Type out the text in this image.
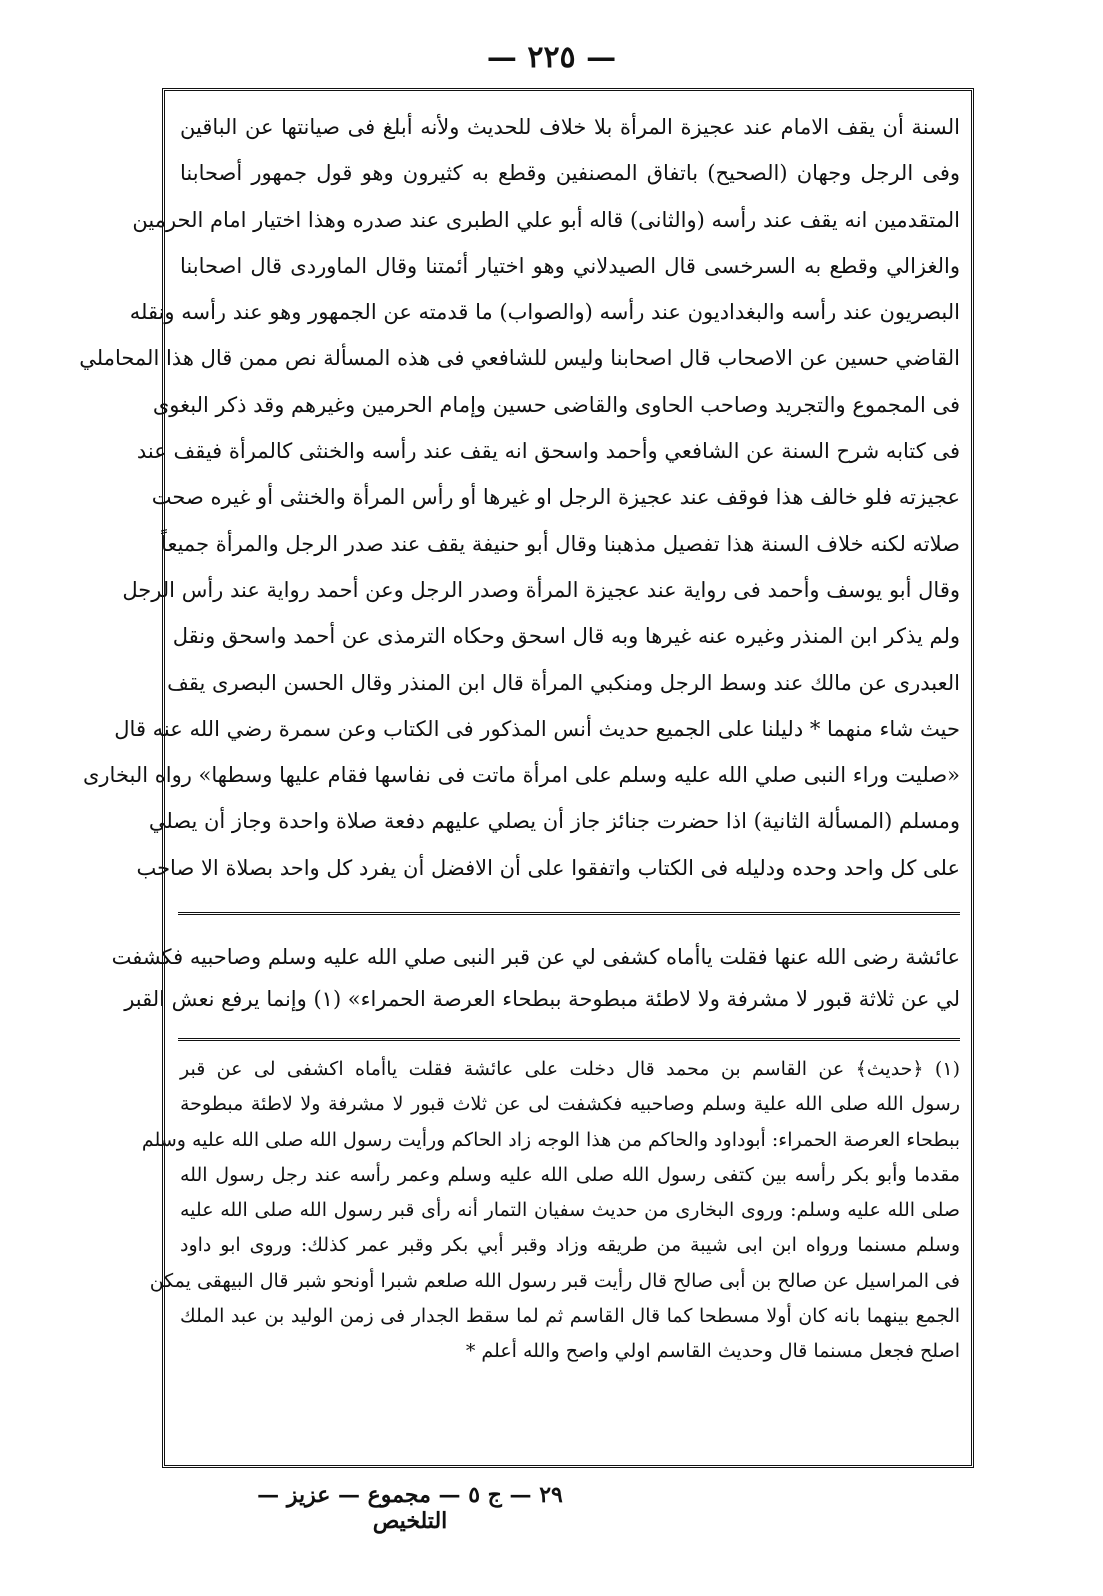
— ٢٢٥ —
السنة أن يقف الامام عند عجيزة المرأة بلا خلاف للحديث ولأنه أبلغ فى صيانتها عن الباقين
وفى الرجل وجهان (الصحيح) باتفاق المصنفين وقطع به كثيرون وهو قول جمهور أصحابنا
المتقدمين انه يقف عند رأسه (والثانى) قاله أبو علي الطبرى عند صدره وهذا اختيار امام الحرمين
والغزالي وقطع به السرخسى قال الصيدلاني وهو اختيار أئمتنا وقال الماوردى قال اصحابنا
البصريون عند رأسه والبغداديون عند رأسه (والصواب) ما قدمته عن الجمهور وهو عند رأسه ونقله
القاضي حسين عن الاصحاب قال اصحابنا وليس للشافعي فى هذه المسألة نص ممن قال هذا المحاملي
فى المجموع والتجريد وصاحب الحاوى والقاضى حسين وإمام الحرمين وغيرهم وقد ذكر البغوى
فى كتابه شرح السنة عن الشافعي وأحمد واسحق انه يقف عند رأسه والخنثى كالمرأة فيقف عند
عجيزته فلو خالف هذا فوقف عند عجيزة الرجل او غيرها أو رأس المرأة والخنثى أو غيره صحت
صلاته لكنه خلاف السنة هذا تفصيل مذهبنا وقال أبو حنيفة يقف عند صدر الرجل والمرأة جميعاً
وقال أبو يوسف وأحمد فى رواية عند عجيزة المرأة وصدر الرجل وعن أحمد رواية عند رأس الرجل
ولم يذكر ابن المنذر وغيره عنه غيرها وبه قال اسحق وحكاه الترمذى عن أحمد واسحق ونقل
العبدرى عن مالك عند وسط الرجل ومنكبي المرأة قال ابن المنذر وقال الحسن البصرى يقف
حيث شاء منهما * دليلنا على الجميع حديث أنس المذكور فى الكتاب وعن سمرة رضي الله عنه قال
«صليت وراء النبى صلي الله عليه وسلم على امرأة ماتت فى نفاسها فقام عليها وسطها» رواه البخارى
ومسلم (المسألة الثانية) اذا حضرت جنائز جاز أن يصلي عليهم دفعة صلاة واحدة وجاز أن يصلي
على كل واحد وحده ودليله فى الكتاب واتفقوا على أن الافضل أن يفرد كل واحد بصلاة الا صاحب
عائشة رضى الله عنها فقلت ياأماه كشفى لي عن قبر النبى صلي الله عليه وسلم وصاحبيه فكشفت
لي عن ثلاثة قبور لا مشرفة ولا لاطئة مبطوحة ببطحاء العرصة الحمراء» (١) وإنما يرفع نعش القبر
(١) ﴿حديث﴾ عن القاسم بن محمد قال دخلت على عائشة فقلت ياأماه اكشفى لى عن قبر
رسول الله صلى الله علية وسلم وصاحبيه فكشفت لى عن ثلاث قبور لا مشرفة ولا لاطئة مبطوحة
ببطحاء العرصة الحمراء: أبوداود والحاكم من هذا الوجه زاد الحاكم ورأيت رسول الله صلى الله عليه وسلم
مقدما وأبو بكر رأسه بين كتفى رسول الله صلى الله عليه وسلم وعمر رأسه عند رجل رسول الله
صلى الله عليه وسلم: وروى البخارى من حديث سفيان التمار أنه رأى قبر رسول الله صلى الله عليه
وسلم مسنما ورواه ابن ابى شيبة من طريقه وزاد وقبر أبي بكر وقبر عمر كذلك: وروى ابو داود
فى المراسيل عن صالح بن أبى صالح قال رأيت قبر رسول الله صلعم شبرا أونحو شبر قال البيهقى يمكن
الجمع بينهما بانه كان أولا مسطحا كما قال القاسم ثم لما سقط الجدار فى زمن الوليد بن عبد الملك
اصلح فجعل مسنما قال وحديث القاسم اولي واصح والله أعلم *
٢٩ — ج ٥ — مجموع — عزيز — التلخيص
